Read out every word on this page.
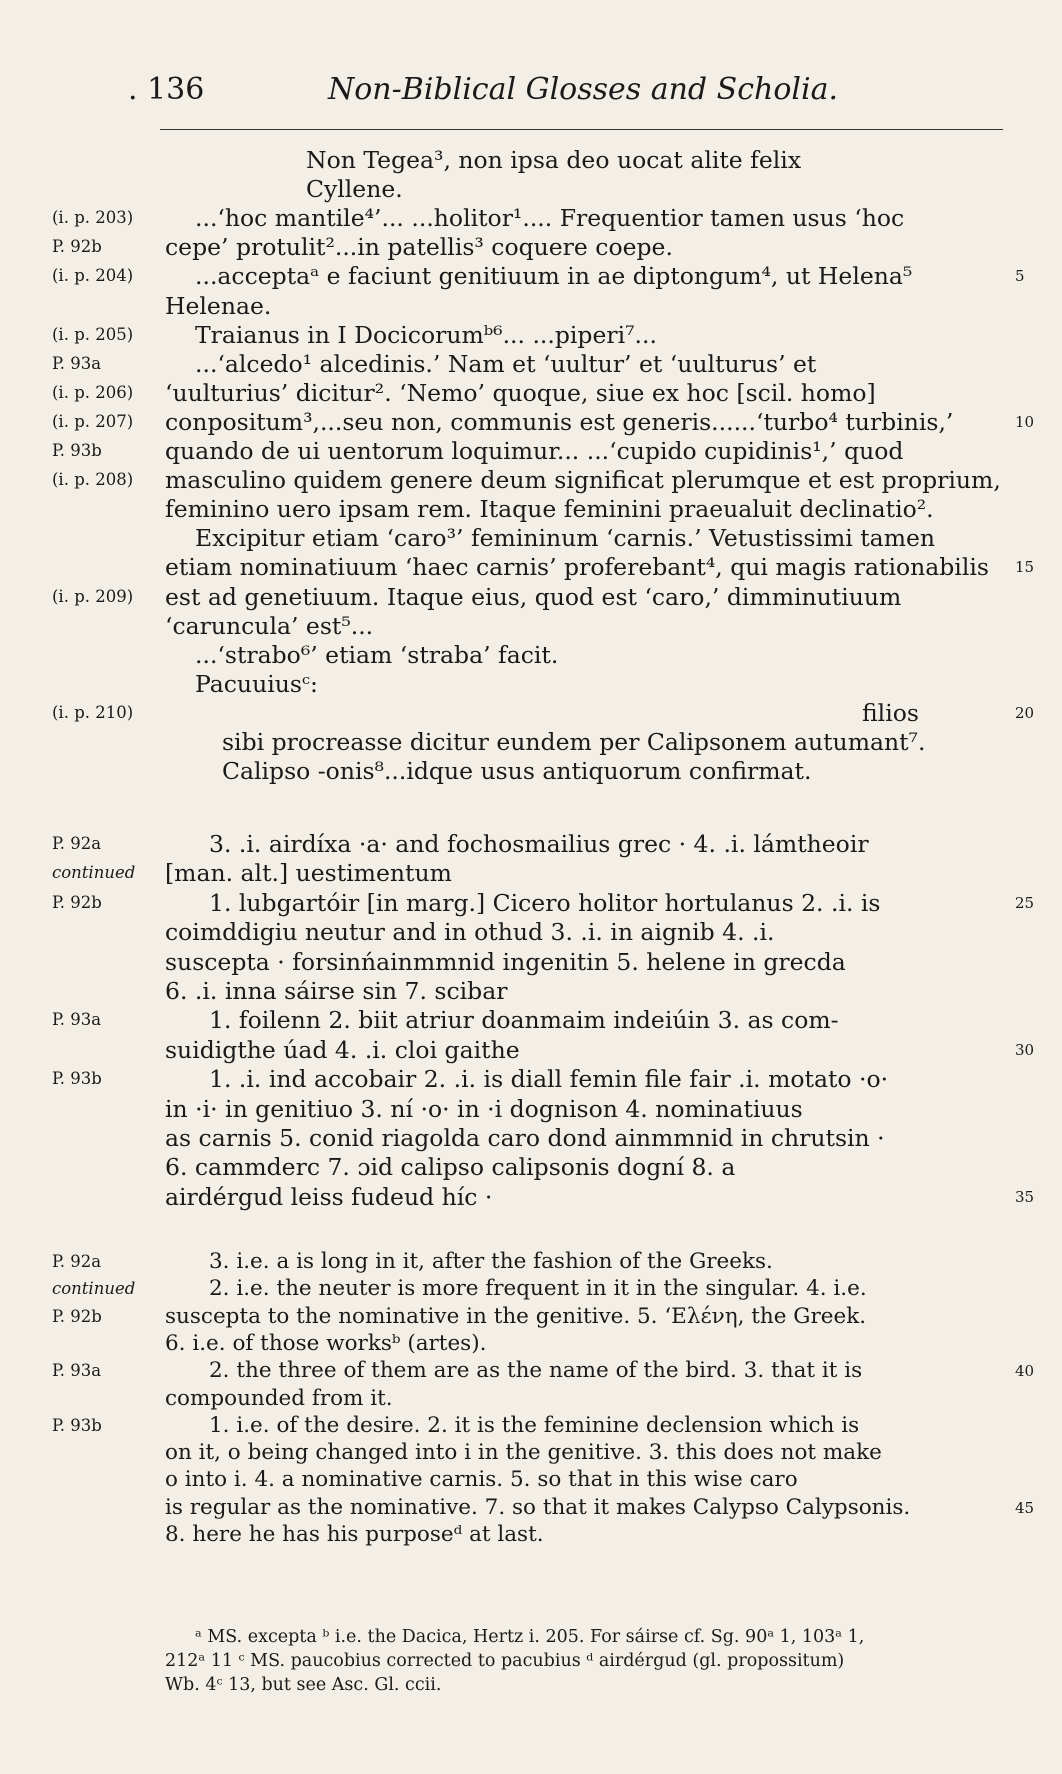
. 136	Non-Biblical Glosses and Scholia.
Non Tegea³, non ipsa deo uocat alite felix
Cyllene.
(i. p. 203)	...‘hoc mantile⁴’... ...holitor¹.... Frequentior tamen usus ‘hoc
P. 92b	cepe’ protulit²...in patellis³ coquere coepe.
(i. p. 204)	...acceptaᵃ e faciunt genitiuum in ae diptongum⁴, ut Helena⁵	5
Helenae.
(i. p. 205)	Traianus in I Docicorumᵇ⁶... ...piperi⁷...
P. 93a	...‘alcedo¹ alcedinis.’ Nam et ‘uultur’ et ‘uulturus’ et
(i. p. 206) ‘uulturius’ dicitur². ‘Nemo’ quoque, siue ex hoc [scil. homo]
(i. p. 207) conpositum³,...seu non, communis est generis......‘turbo⁴ turbinis,’	10
P. 93b	quando de ui uentorum loquimur... ...‘cupido cupidinis¹,’ quod
(i. p. 208) masculino quidem genere deum significat plerumque et est proprium,
feminino uero ipsam rem. Itaque feminini praeualuit declinatio².
Excipitur etiam ‘caro³’ femininum ‘carnis.’ Vetustissimi tamen
etiam nominatiuum ‘haec carnis’ proferebant⁴, qui magis rationabilis 15
(i. p. 209) est ad genetiuum. Itaque eius, quod est ‘caro,’ dimminutiuum
‘caruncula’ est⁵...
...‘strabo⁶’ etiam ‘straba’ facit.
Pacuuiusᶜ:
(i. p. 210)	filios	20
sibi procreasse dicitur eundem per Calipsonem autumant⁷.
Calipso -onis⁸...idque usus antiquorum confirmat.
P. 92a	3. .i. airdíxa ·a· and fochosmailius grec · 4. .i. lámtheoir
continued [man. alt.] uestimentum
P. 92b	1. lubgartóir [in marg.] Cicero holitor hortulanus 2. .i. is	25
coimddigiu neutur and in othud 3. .i. in aignib 4. .i.
suscepta · forsinńainmmnid ingenitin 5. helene in grecda
6. .i. inna sáirse sin 7. scibar
P. 93a	1. foilenn 2. biit atriur doanmaim indeiúin 3. as com-
suidigthe úad 4. .i. cloi gaithe	30
P. 93b	1. .i. ind accobair 2. .i. is diall femin file fair .i. motato ·o·
in ·i· in genitiuo 3. ní ·o· in ·i dognison 4. nominatiuus
as carnis 5. conid riagolda caro dond ainmmnid in chrutsin ·
6. cammderc 7. ɔid calipso calipsonis dogní 8. a
airdérgud leiss fudeud híc ·	35
P. 92a	3. i.e. a is long in it, after the fashion of the Greeks.
continued	2. i.e. the neuter is more frequent in it in the singular. 4. i.e.
P. 92b	suscepta to the nominative in the genitive. 5. ‘Ελένη, the Greek.
6. i.e. of those worksᵇ (artes).
P. 93a	2. the three of them are as the name of the bird. 3. that it is	40
compounded from it.
P. 93b	1. i.e. of the desire. 2. it is the feminine declension which is
on it, o being changed into i in the genitive. 3. this does not make
o into i. 4. a nominative carnis. 5. so that in this wise caro
is regular as the nominative. 7. so that it makes Calypso Calypsonis.	45
8. here he has his purposeᵈ at last.
ᵃ MS. excepta ᵇ i.e. the Dacica, Hertz i. 205. For sáirse cf. Sg. 90ᵃ 1, 103ᵃ 1,
212ᵃ 11 ᶜ MS. paucobius corrected to pacubius ᵈ airdérgud (gl. propossitum)
Wb. 4ᶜ 13, but see Asc. Gl. ccii.
